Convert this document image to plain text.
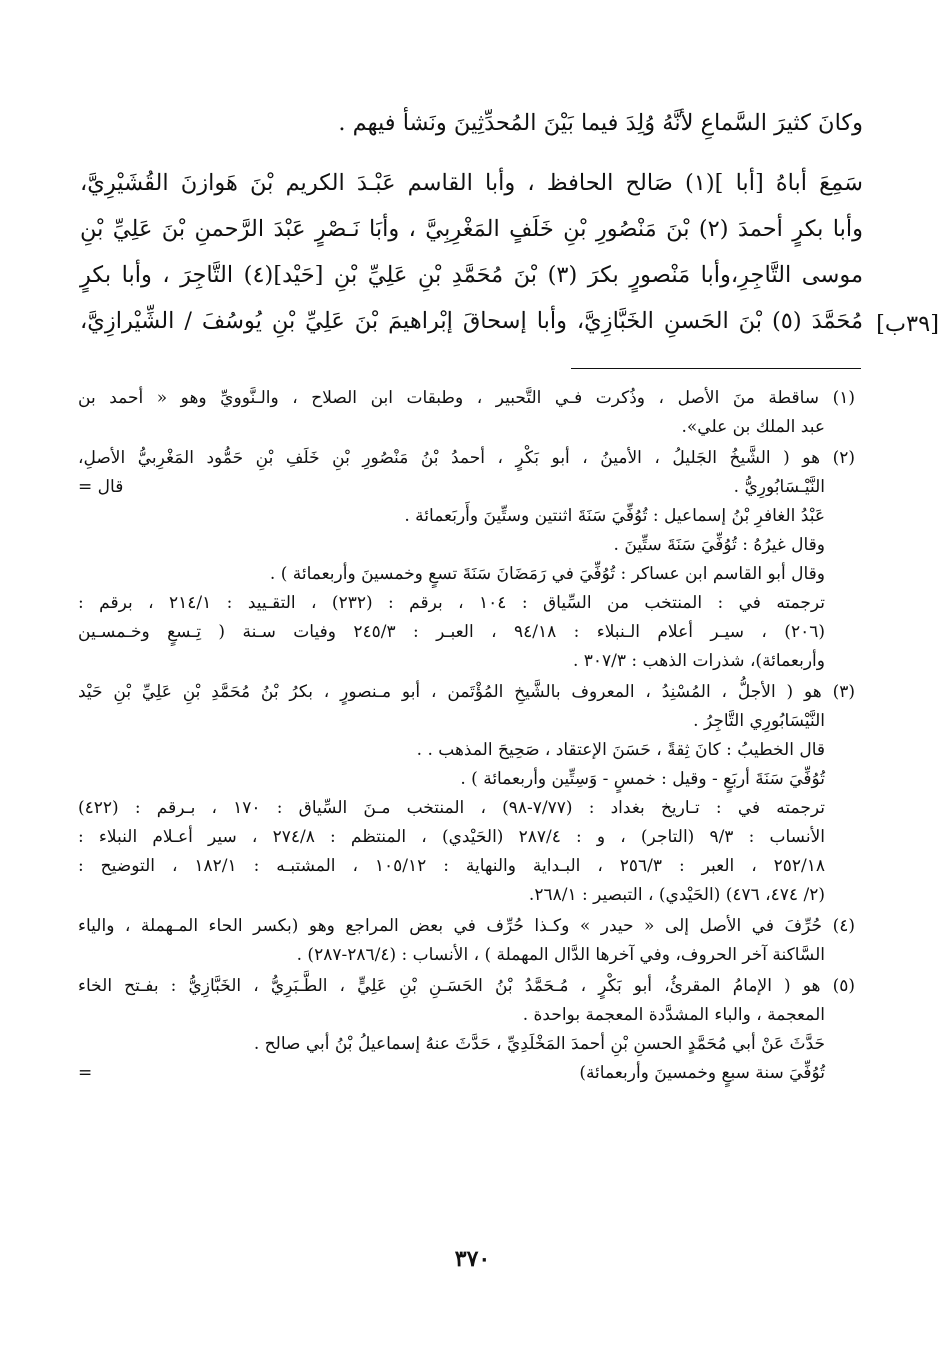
وكانَ كثيرَ السَّماعِ لأنَّهُ وُلِدَ فيما بَيْنَ المُحدِّثِينَ ونَشأ فيهم .
سَمِعَ أباهُ [أبا ](١) صَالح الحافظ ، وأبا القاسم عَبْـدَ الكريم بْنَ هَوازنَ القُشَيْرِيَّ،
وأبا بكرٍ أحمدَ (٢) بْنَ مَنْصُورِ بْنِ خَلَفٍ المَغْرِبِيَّ ، وأبَا نَـصْرٍ عَبْدَ الرَّحمنِ بْنَ عَلِيِّ بْنِ
موسى التَّاجِرِ،وأبا مَنْصورٍ بكرَ (٣) بْنَ مُحَمَّدِ بْنِ عَلِيِّ بْنِ [حَيْد](٤) التَّاجِرَ ، وأبا بكرٍ
مُحَمَّدَ (٥) بْنَ الحَسنِ الخَبَّازِيَّ، وأبا إسحاقَ إبْراهيمَ بْنَ عَلِيِّ بْنِ يُوسُفَ / الشِّيْرازِيَّ، [٣٩ب]
(١) ساقطة منَ الأصل ، وذُكرت فـي التَّحبير ، وطبقات ابن الصلاح ، والـنَّوويِّ وهو « أحمد بن
عبد الملك بن علي».
(٢) هو ( الشَّيخُ الجَليلُ ، الأمينُ ، أبو بَكْرٍ ، أحمدُ بْنُ مَنْصُورِ بْنِ خَلَفِ بْنِ حَمُّود المَغْرِبيُّ الأصلِ،
النَّيْـسَابُورِيُّ .
= قال
عَبْدُ الغافرِ بْنُ إسماعيل : تُوُفِّيَ سَنَةَ اثنتين وستِّينَ وأَربَعمائة .
وقال غيرُهُ : تُوُفِّيَ سَنَةَ ستِّينَ .
وقال أبو القاسم ابن عساكر : تُوُفِّيَ في رَمَضَانَ سَنَةَ تسعٍ وخمسينَ وأربعمائة ) .
ترجمته في : المنتخب من السِّياق : ١٠٤ ، برقم : (٢٣٢) ، التقـييد : ٢١٤/١ ، برقم :
(٢٠٦) ، سيـر أعلام الـنبلاء : ٩٤/١٨ ، العبـر : ٢٤٥/٣ وفيات سـنة ( تِـسعٍ وخـمسـين
وأربعمائة)، شذرات الذهب : ٣٠٧/٣ .
(٣) هو ( الأجلُّ ، المُسْنِدُ ، المعروف بالشَّيخِ المُؤْتَمن ، أبو مـنصورٍ ، بكرُ بْنُ مُحَمَّدِ بْنِ عَلِيِّ بْنِ حَيْد
النَّيْسَابُورِي التَّاجِرُ .
قال الخطيبُ : كانَ ثِقةً ، حَسَنَ الإعتقاد ، صَحِيحَ المذهب . .
تُوُفِّيَ سَنَةَ أربَعٍ - وقيل : خمسٍ - وَسِتِّين وأربعمائة ) .
ترجمته في : تـاريخ بغداد : (٧/٧٧-٩٨) ، المنتخب مـنَ السِّياق : ١٧٠ ، بـرقم : (٤٢٢)
الأنساب : ٩/٣ (التاجر) ، و : ٢٨٧/٤ (الحَيْدي) ، المنتظم : ٢٧٤/٨ ، سير أعـلام النبلاء :
٢٥٢/١٨ ، العبر : ٢٥٦/٣ ، البـداية والنهاية : ١٠٥/١٢ ، المشتبـه : ١٨٢/١ ، التوضيح :
(٢/ ٤٧٤، ٤٧٦) (الحَيْدي) ، التبصير : ٢٦٨/١.
(٤) حُرِّفَ في الأصل إلى « حيدر » وكـذا حُرِّف في بعض المراجع وهو (بكسر الحاء المـهملة ، والياء
السَّاكنة آخر الحروف، وفي آخرها الدَّال المهملة ) ، الأنساب : (٢٨٦/٤-٢٨٧) .
(٥) هو ( الإمامُ المقرئُ، أبو بَكْرٍ ، مُـحَمَّدُ بْنُ الحَسَـنِ بْنِ عَلِيٍّ ، الطَّـبَرِيُّ ، الخَبَّازِيُّ : بفـتح الخاء
المعجمة ، والباء المشدَّدة المعجمة بواحدة .
حَدَّثَ عَنْ أبي مُحَمَّدٍ الحسنِ بْنِ أحمدَ المَخْلَدِيِّ ، حَدَّثَ عنهُ إسماعيلُ بْنُ أبي صالح .
تُوُفِّيَ سنة سبعٍ وخمسينَ وأربعمائة)
=
٣٧٠
